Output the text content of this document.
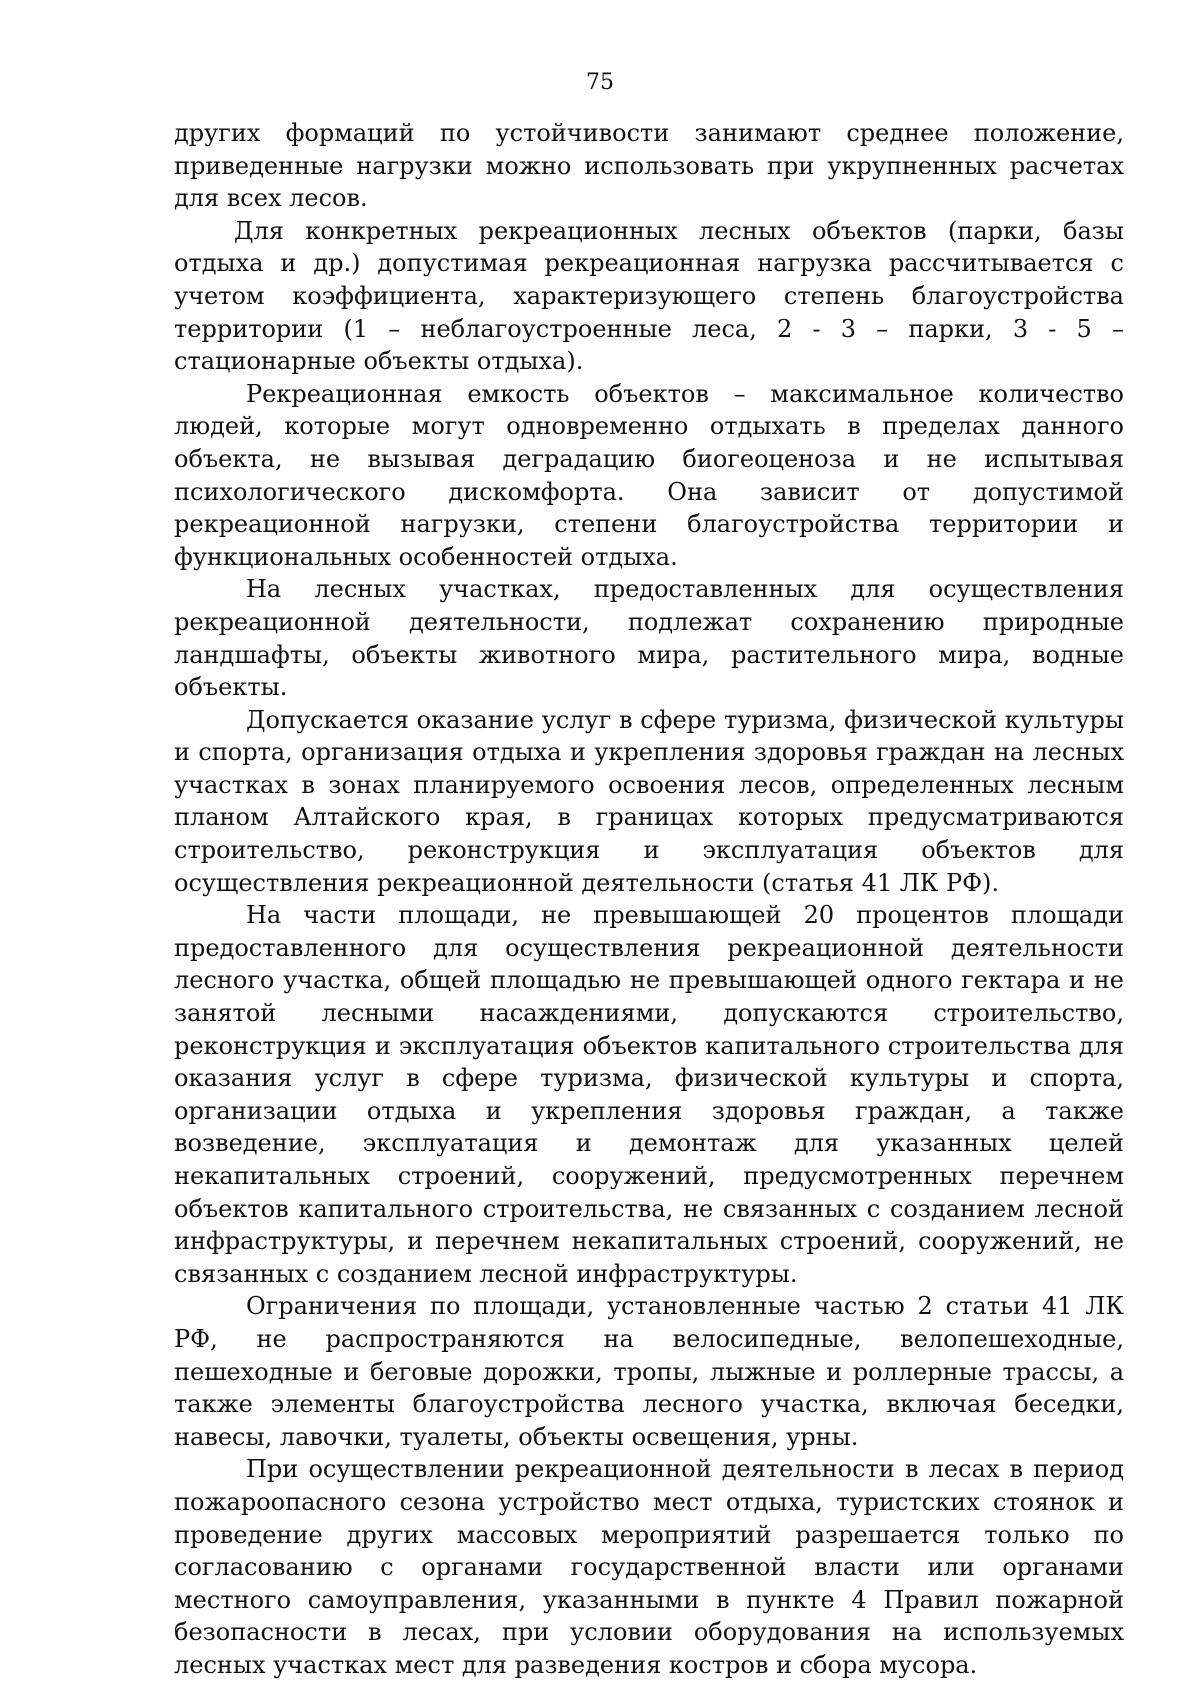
75

других формаций по устойчивости занимают среднее положение, приведенные нагрузки можно использовать при укрупненных расчетах для всех лесов.

Для конкретных рекреационных лесных объектов (парки, базы отдыха и др.) допустимая рекреационная нагрузка рассчитывается с учетом коэффициента, характеризующего степень благоустройства территории (1 – неблагоустроенные леса, 2 - 3 – парки, 3 - 5 – стационарные объекты отдыха).

Рекреационная емкость объектов – максимальное количество людей, которые могут одновременно отдыхать в пределах данного объекта, не вызывая деградацию биогеоценоза и не испытывая психологического дискомфорта. Она зависит от допустимой рекреационной нагрузки, степени благоустройства территории и функциональных особенностей отдыха.

На лесных участках, предоставленных для осуществления рекреационной деятельности, подлежат сохранению природные ландшафты, объекты животного мира, растительного мира, водные объекты.

Допускается оказание услуг в сфере туризма, физической культуры и спорта, организация отдыха и укрепления здоровья граждан на лесных участках в зонах планируемого освоения лесов, определенных лесным планом Алтайского края, в границах которых предусматриваются строительство, реконструкция и эксплуатация объектов для осуществления рекреационной деятельности (статья 41 ЛК РФ).

На части площади, не превышающей 20 процентов площади предоставленного для осуществления рекреационной деятельности лесного участка, общей площадью не превышающей одного гектара и не занятой лесными насаждениями, допускаются строительство, реконструкция и эксплуатация объектов капитального строительства для оказания услуг в сфере туризма, физической культуры и спорта, организации отдыха и укрепления здоровья граждан, а также возведение, эксплуатация и демонтаж для указанных целей некапитальных строений, сооружений, предусмотренных перечнем объектов капитального строительства, не связанных с созданием лесной инфраструктуры, и перечнем некапитальных строений, сооружений, не связанных с созданием лесной инфраструктуры.

Ограничения по площади, установленные частью 2 статьи 41 ЛК РФ, не распространяются на велосипедные, велопешеходные, пешеходные и беговые дорожки, тропы, лыжные и роллерные трассы, а также элементы благоустройства лесного участка, включая беседки, навесы, лавочки, туалеты, объекты освещения, урны.

При осуществлении рекреационной деятельности в лесах в период пожароопасного сезона устройство мест отдыха, туристских стоянок и проведение других массовых мероприятий разрешается только по согласованию с органами государственной власти или органами местного самоуправления, указанными в пункте 4 Правил пожарной безопасности в лесах, при условии оборудования на используемых лесных участках мест для разведения костров и сбора мусора.
